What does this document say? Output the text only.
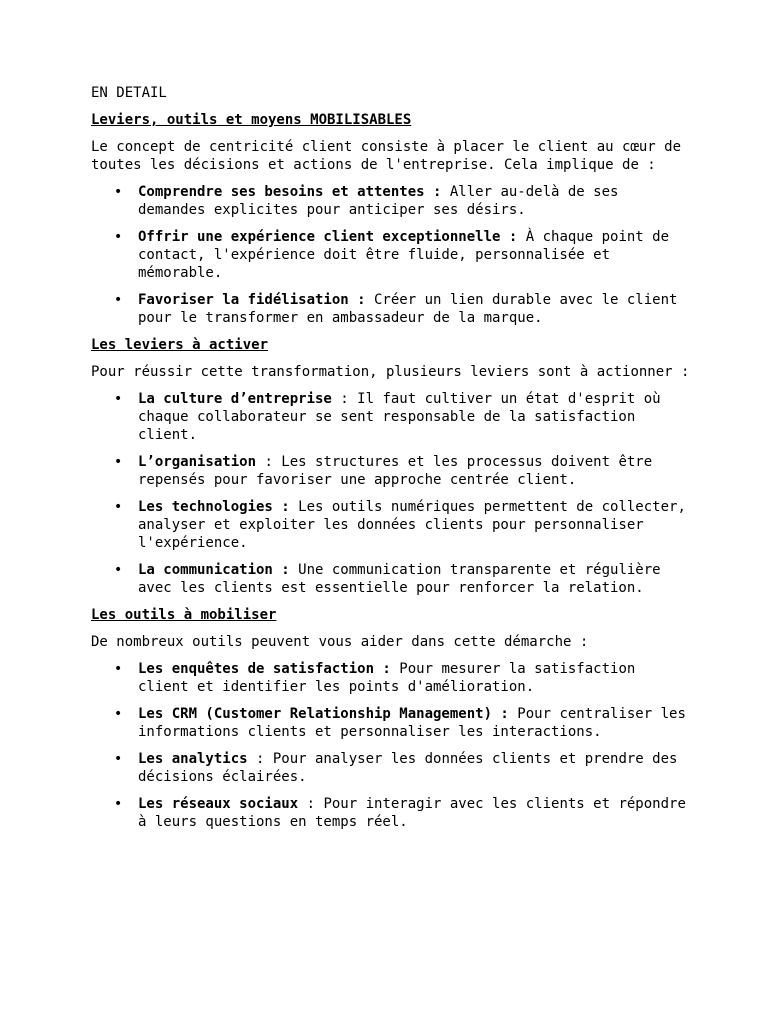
EN DETAIL

Leviers, outils et moyens MOBILISABLES

Le concept de centricité client consiste à placer le client au cœur de toutes les décisions et actions de l'entreprise. Cela implique de :

• Comprendre ses besoins et attentes : Aller au-delà de ses demandes explicites pour anticiper ses désirs.
• Offrir une expérience client exceptionnelle : À chaque point de contact, l'expérience doit être fluide, personnalisée et mémorable.
• Favoriser la fidélisation : Créer un lien durable avec le client pour le transformer en ambassadeur de la marque.

Les leviers à activer

Pour réussir cette transformation, plusieurs leviers sont à actionner :

• La culture d’entreprise : Il faut cultiver un état d'esprit où chaque collaborateur se sent responsable de la satisfaction client.
• L’organisation : Les structures et les processus doivent être repensés pour favoriser une approche centrée client.
• Les technologies : Les outils numériques permettent de collecter, analyser et exploiter les données clients pour personnaliser l'expérience.
• La communication : Une communication transparente et régulière avec les clients est essentielle pour renforcer la relation.

Les outils à mobiliser

De nombreux outils peuvent vous aider dans cette démarche :

• Les enquêtes de satisfaction : Pour mesurer la satisfaction client et identifier les points d'amélioration.
• Les CRM (Customer Relationship Management) : Pour centraliser les informations clients et personnaliser les interactions.
• Les analytics : Pour analyser les données clients et prendre des décisions éclairées.
• Les réseaux sociaux : Pour interagir avec les clients et répondre à leurs questions en temps réel.
